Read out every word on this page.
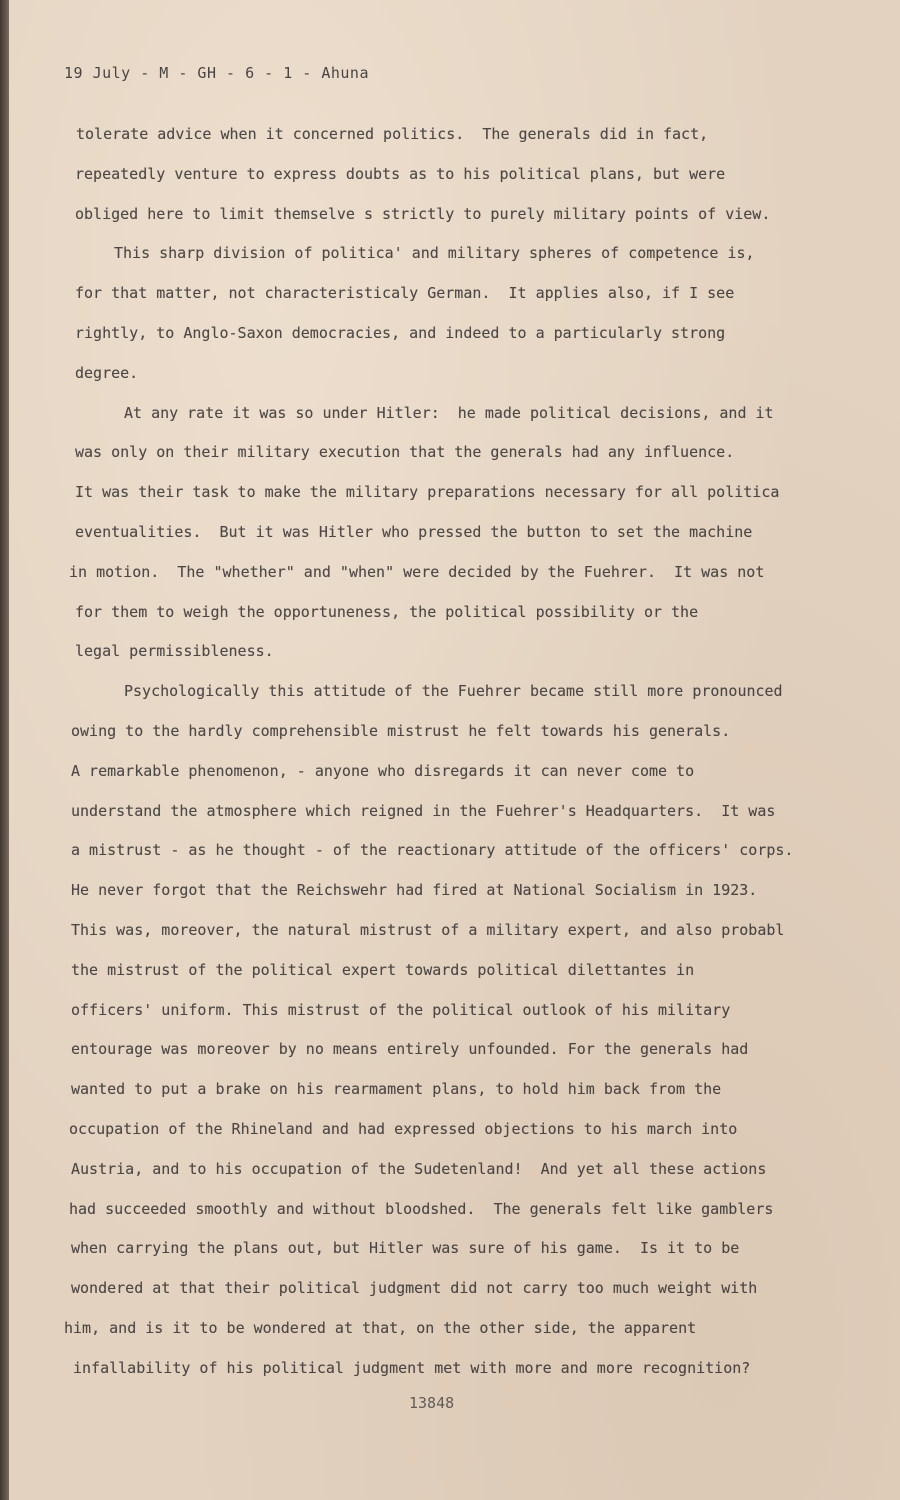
19 July - M - GH - 6 - 1 - Ahuna
tolerate advice when it concerned politics.  The generals did in fact,
repeatedly venture to express doubts as to his political plans, but were
obliged here to limit themselve s strictly to purely military points of view.
This sharp division of politica' and military spheres of competence is,
for that matter, not characteristicaly German.  It applies also, if I see
rightly, to Anglo-Saxon democracies, and indeed to a particularly strong
degree.
At any rate it was so under Hitler:  he made political decisions, and it
was only on their military execution that the generals had any influence.
It was their task to make the military preparations necessary for all politica
eventualities.  But it was Hitler who pressed the button to set the machine
in motion.  The "whether" and "when" were decided by the Fuehrer.  It was not
for them to weigh the opportuneness, the political possibility or the
legal permissibleness.
Psychologically this attitude of the Fuehrer became still more pronounced
owing to the hardly comprehensible mistrust he felt towards his generals.
A remarkable phenomenon, - anyone who disregards it can never come to
understand the atmosphere which reigned in the Fuehrer's Headquarters.  It was
a mistrust - as he thought - of the reactionary attitude of the officers' corps.
He never forgot that the Reichswehr had fired at National Socialism in 1923.
This was, moreover, the natural mistrust of a military expert, and also probabl
the mistrust of the political expert towards political dilettantes in
officers' uniform. This mistrust of the political outlook of his military
entourage was moreover by no means entirely unfounded. For the generals had
wanted to put a brake on his rearmament plans, to hold him back from the
occupation of the Rhineland and had expressed objections to his march into
Austria, and to his occupation of the Sudetenland!  And yet all these actions
had succeeded smoothly and without bloodshed.  The generals felt like gamblers
when carrying the plans out, but Hitler was sure of his game.  Is it to be
wondered at that their political judgment did not carry too much weight with
him, and is it to be wondered at that, on the other side, the apparent
infallability of his political judgment met with more and more recognition?
13848
